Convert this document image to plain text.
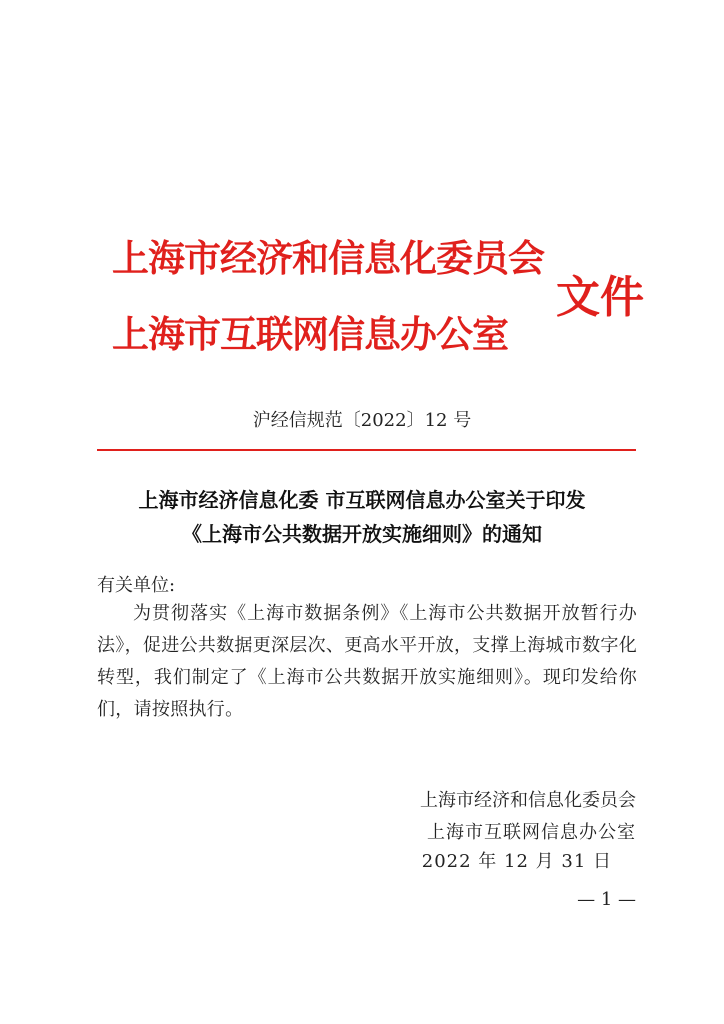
上海市经济和信息化委员会
上海市互联网信息办公室
文件
沪经信规范〔2022〕12 号
上海市经济信息化委 市互联网信息办公室关于印发
《上海市公共数据开放实施细则》的通知
有关单位:
为贯彻落实《上海市数据条例》《上海市公共数据开放暂行办法》，促进公共数据更深层次、更高水平开放，支撑上海城市数字化转型，我们制定了《上海市公共数据开放实施细则》。现印发给你们，请按照执行。
上海市经济和信息化委员会
上海市互联网信息办公室
2022 年 12 月 31 日
— 1 —
